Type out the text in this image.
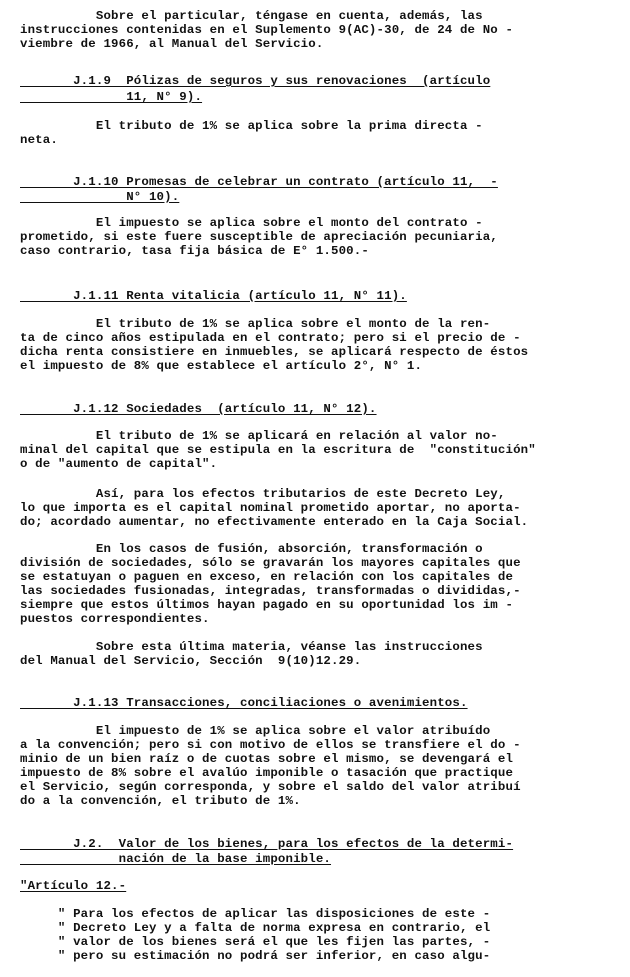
Sobre el particular, téngase en cuenta, además, las
instrucciones contenidas en el Suplemento 9(AC)-30, de 24 de No -
viembre de 1966, al Manual del Servicio.
J.1.9  Pólizas de seguros y sus renovaciones  (artículo
11, N° 9).
El tributo de 1% se aplica sobre la prima directa -
neta.
J.1.10 Promesas de celebrar un contrato (artículo 11,  -
N° 10).
El impuesto se aplica sobre el monto del contrato -
prometido, si este fuere susceptible de apreciación pecuniaria,
caso contrario, tasa fija básica de E° 1.500.-
J.1.11 Renta vitalicia (artículo 11, N° 11).
El tributo de 1% se aplica sobre el monto de la ren-
ta de cinco años estipulada en el contrato; pero si el precio de -
dicha renta consistiere en inmuebles, se aplicará respecto de éstos
el impuesto de 8% que establece el artículo 2°, N° 1.
J.1.12 Sociedades  (artículo 11, N° 12).
El tributo de 1% se aplicará en relación al valor no-
minal del capital que se estipula en la escritura de  "constitución"
o de "aumento de capital".
Así, para los efectos tributarios de este Decreto Ley,
lo que importa es el capital nominal prometido aportar, no aporta-
do; acordado aumentar, no efectivamente enterado en la Caja Social.
En los casos de fusión, absorción, transformación o
división de sociedades, sólo se gravarán los mayores capitales que
se estatuyan o paguen en exceso, en relación con los capitales de
las sociedades fusionadas, integradas, transformadas o divididas,-
siempre que estos últimos hayan pagado en su oportunidad los im -
puestos correspondientes.
Sobre esta última materia, véanse las instrucciones
del Manual del Servicio, Sección  9(10)12.29.
J.1.13 Transacciones, conciliaciones o avenimientos.
El impuesto de 1% se aplica sobre el valor atribuído
a la convención; pero si con motivo de ellos se transfiere el do -
minio de un bien raíz o de cuotas sobre el mismo, se devengará el
impuesto de 8% sobre el avalúo imponible o tasación que practique
el Servicio, según corresponda, y sobre el saldo del valor atribuí
do a la convención, el tributo de 1%.
J.2.  Valor de los bienes, para los efectos de la determi-
nación de la base imponible.
"Artículo 12.-
" Para los efectos de aplicar las disposiciones de este -
" Decreto Ley y a falta de norma expresa en contrario, el
" valor de los bienes será el que les fijen las partes, -
" pero su estimación no podrá ser inferior, en caso algu-
